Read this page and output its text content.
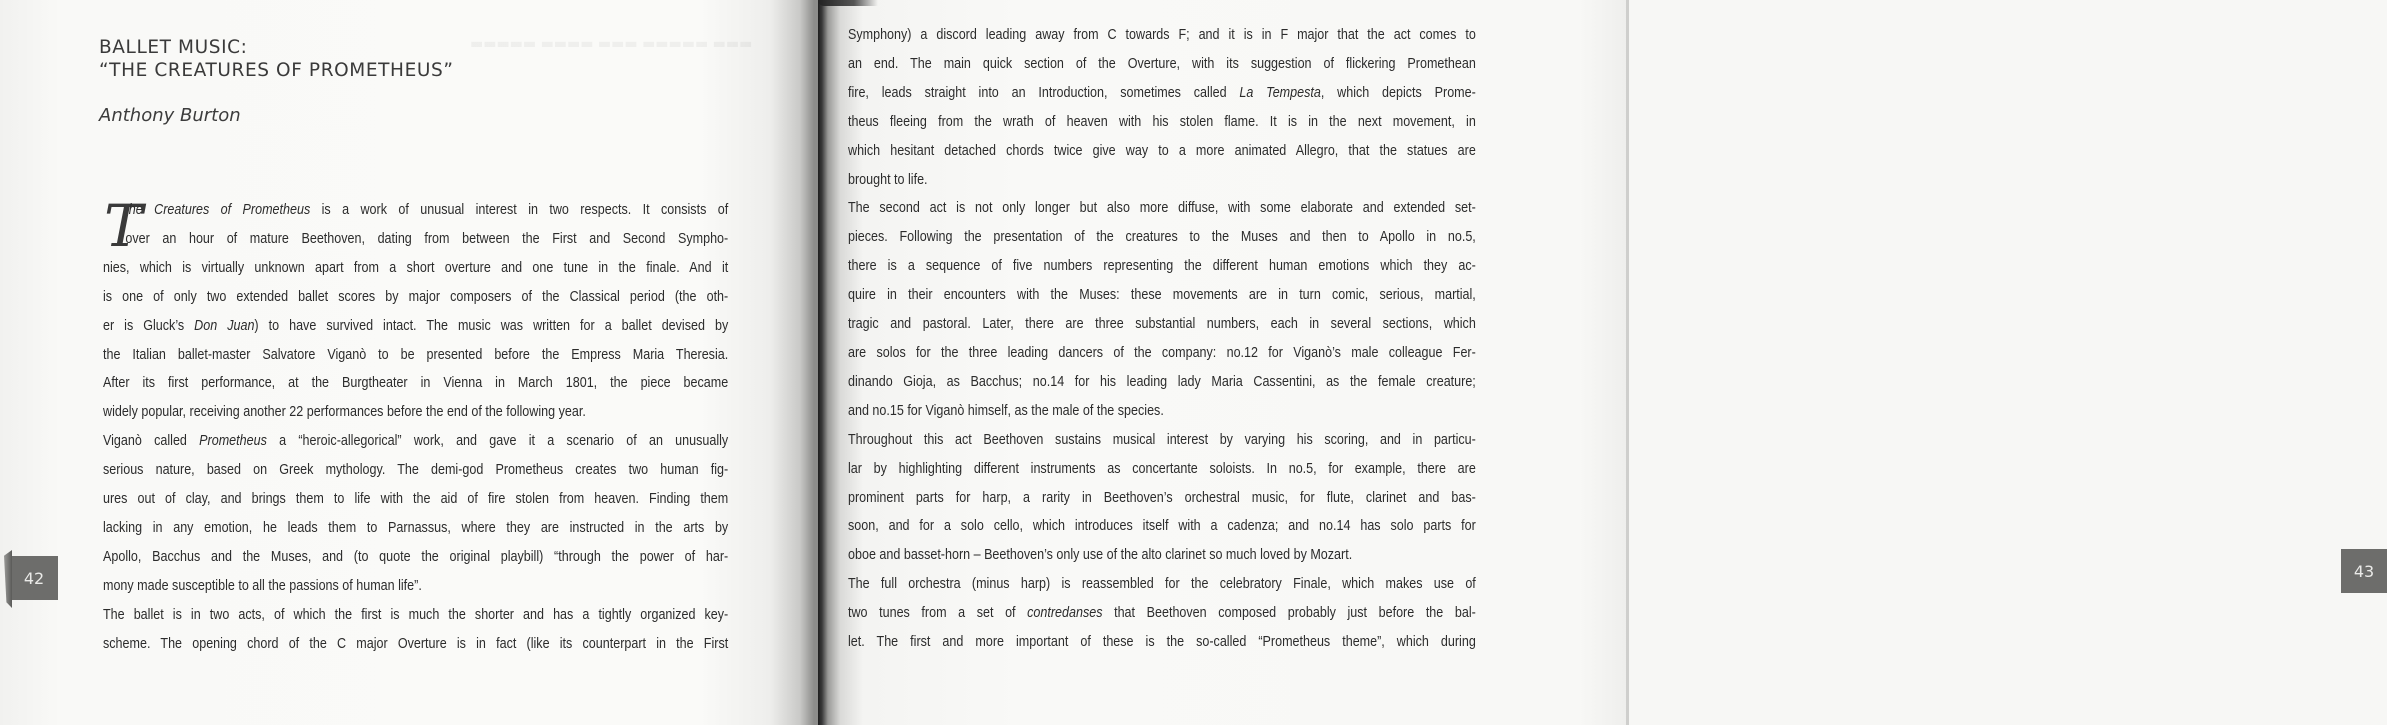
▬▬▬ ▬▬▬▬▬ ▬▬▬ ▬▬▬▬ ▬▬▬▬▬
BALLET MUSIC:
“THE CREATURES OF PROMETHEUS”

Anthony Burton

T
he Creatures of Prometheus is a work of unusual interest in two respects. It consists of
over an hour of mature Beethoven, dating from between the First and Second Sympho-
nies, which is virtually unknown apart from a short overture and one tune in the finale. And it
is one of only two extended ballet scores by major composers of the Classical period (the oth-
er is Gluck’s Don Juan) to have survived intact. The music was written for a ballet devised by
the Italian ballet-master Salvatore Viganò to be presented before the Empress Maria Theresia.
After its first performance, at the Burgtheater in Vienna in March 1801, the piece became
widely popular, receiving another 22 performances before the end of the following year.
Viganò called Prometheus a “heroic-allegorical” work, and gave it a scenario of an unusually
serious nature, based on Greek mythology. The demi-god Prometheus creates two human fig-
ures out of clay, and brings them to life with the aid of fire stolen from heaven. Finding them
lacking in any emotion, he leads them to Parnassus, where they are instructed in the arts by
Apollo, Bacchus and the Muses, and (to quote the original playbill) “through the power of har-
mony made susceptible to all the passions of human life”.
The ballet is in two acts, of which the first is much the shorter and has a tightly organized key-
scheme. The opening chord of the C major Overture is in fact (like its counterpart in the First
42
Symphony) a discord leading away from C towards F; and it is in F major that the act comes to
an end. The main quick section of the Overture, with its suggestion of flickering Promethean
fire, leads straight into an Introduction, sometimes called La Tempesta, which depicts Prome-
theus fleeing from the wrath of heaven with his stolen flame. It is in the next movement, in
which hesitant detached chords twice give way to a more animated Allegro, that the statues are
brought to life.
The second act is not only longer but also more diffuse, with some elaborate and extended set-
pieces. Following the presentation of the creatures to the Muses and then to Apollo in no.5,
there is a sequence of five numbers representing the different human emotions which they ac-
quire in their encounters with the Muses: these movements are in turn comic, serious, martial,
tragic and pastoral. Later, there are three substantial numbers, each in several sections, which
are solos for the three leading dancers of the company: no.12 for Viganò’s male colleague Fer-
dinando Gioja, as Bacchus; no.14 for his leading lady Maria Cassentini, as the female creature;
and no.15 for Viganò himself, as the male of the species.
Throughout this act Beethoven sustains musical interest by varying his scoring, and in particu-
lar by highlighting different instruments as concertante soloists. In no.5, for example, there are
prominent parts for harp, a rarity in Beethoven’s orchestral music, for flute, clarinet and bas-
soon, and for a solo cello, which introduces itself with a cadenza; and no.14 has solo parts for
oboe and basset-horn – Beethoven’s only use of the alto clarinet so much loved by Mozart.
The full orchestra (minus harp) is reassembled for the celebratory Finale, which makes use of
two tunes from a set of contredanses that Beethoven composed probably just before the bal-
let. The first and more important of these is the so-called “Prometheus theme”, which during
43
